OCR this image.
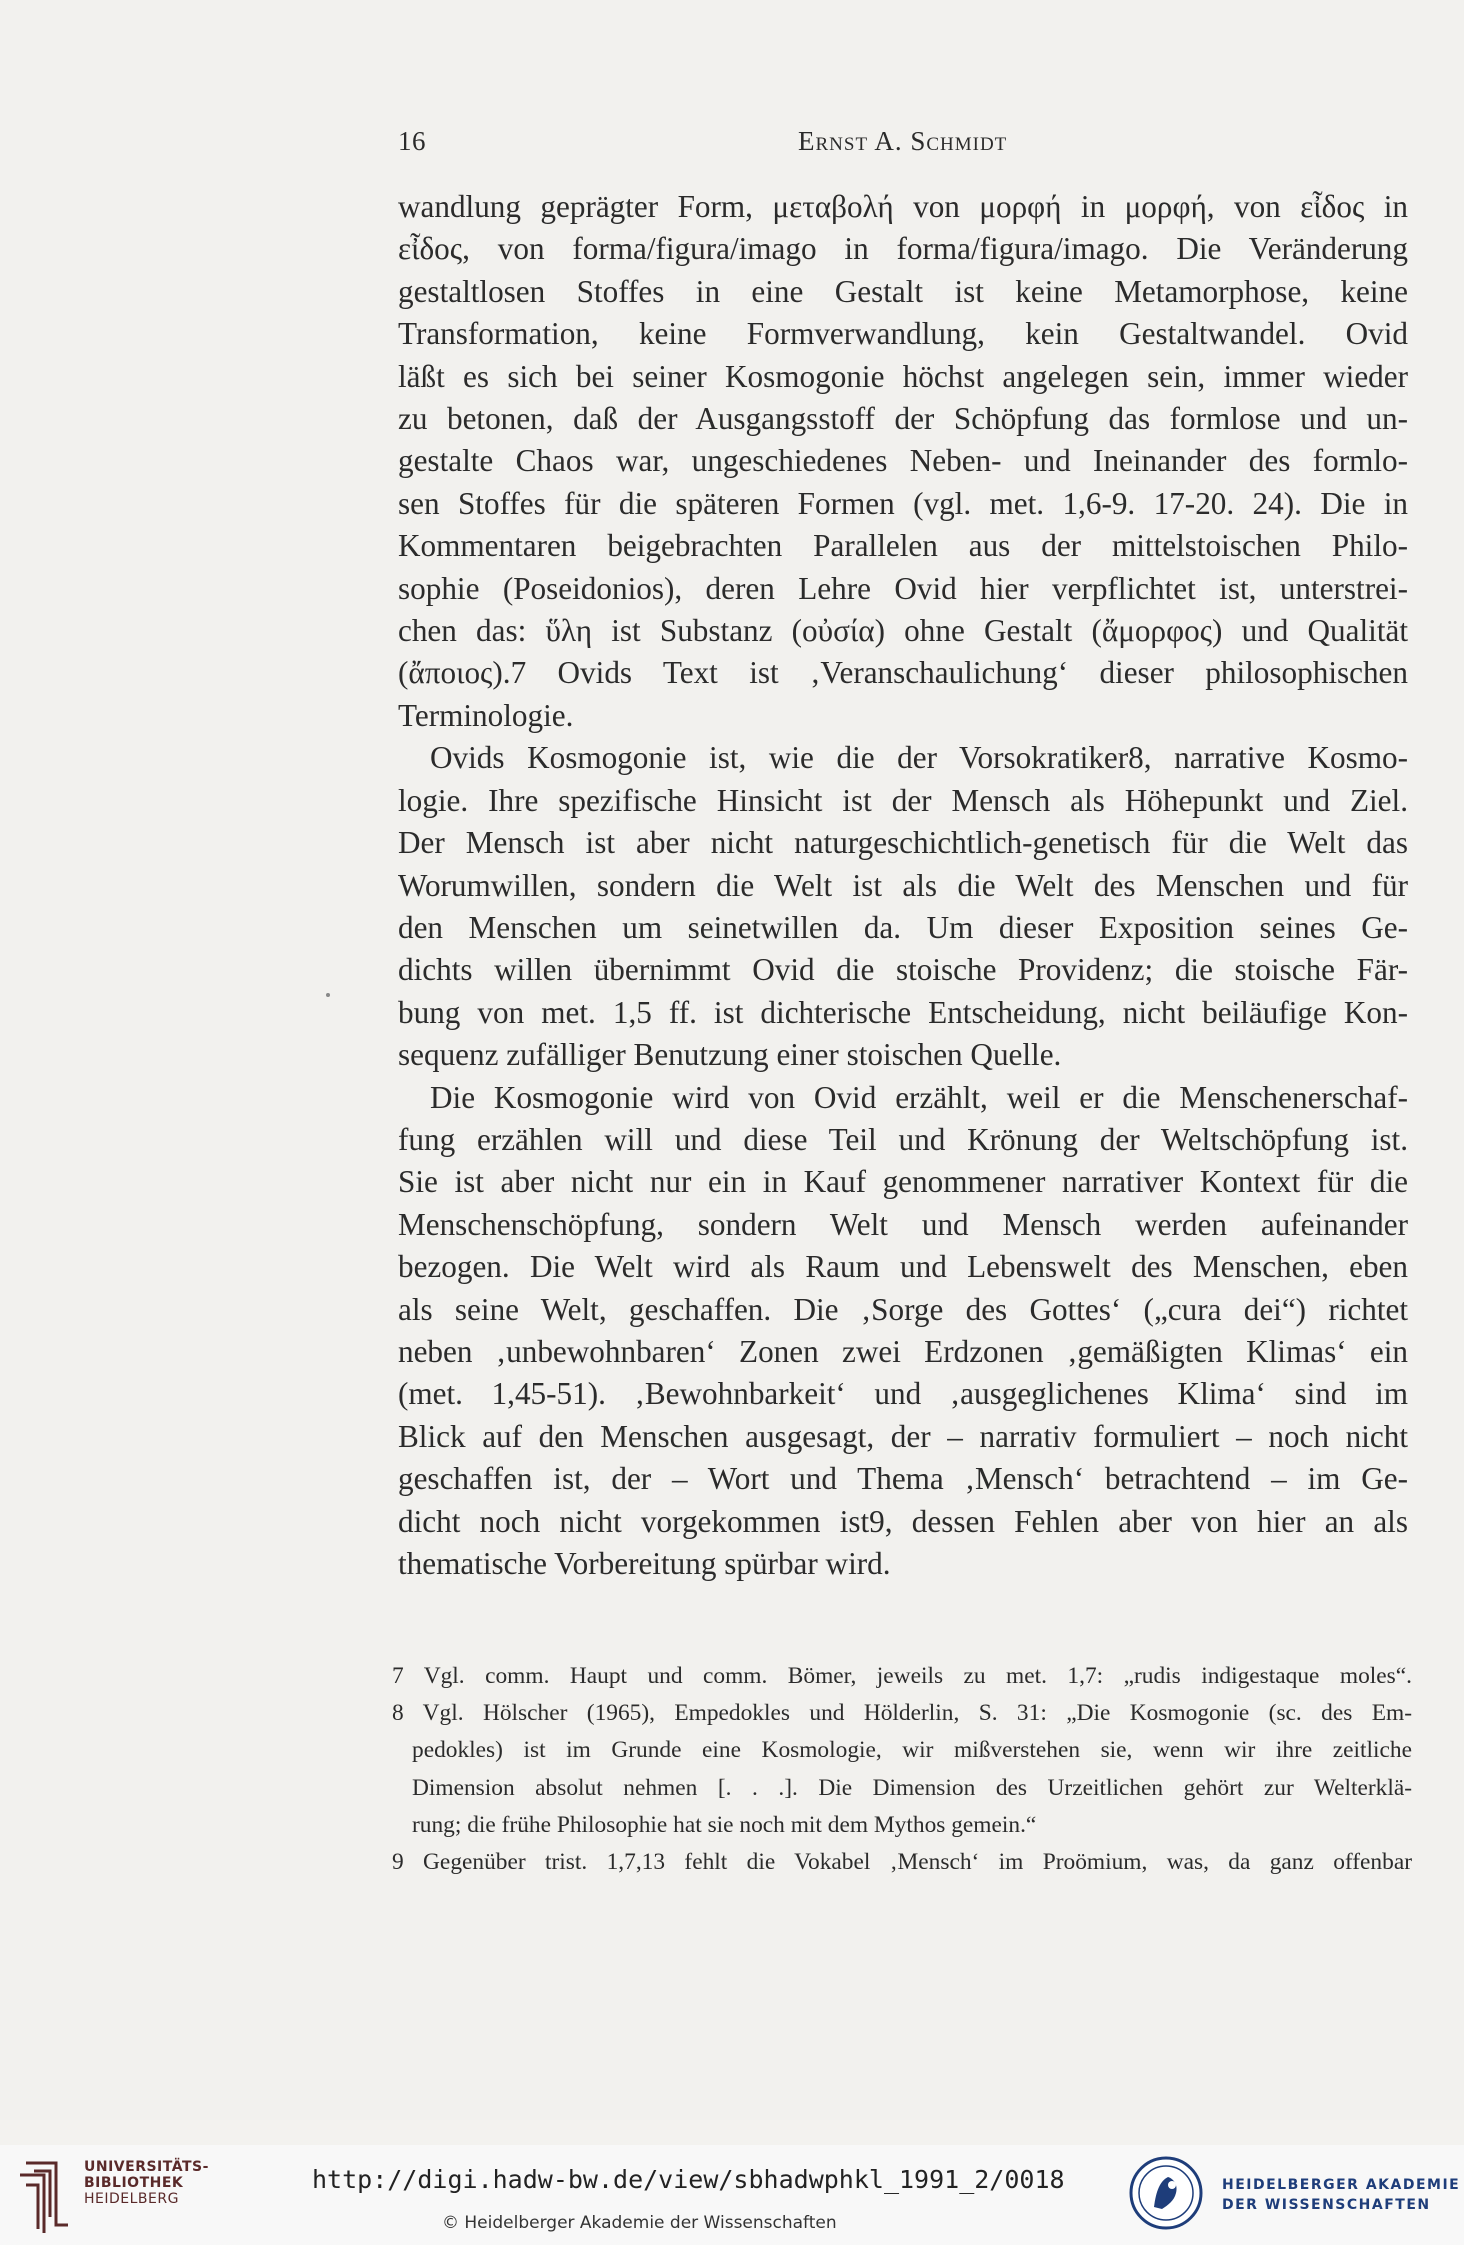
16	Ernst A. Schmidt

wandlung geprägter Form, μεταβολή von μορφή in μορφή, von εἶδος in
εἶδος, von forma/figura/imago in forma/figura/imago. Die Veränderung
gestaltlosen Stoffes in eine Gestalt ist keine Metamorphose, keine
Transformation, keine Formverwandlung, kein Gestaltwandel. Ovid
läßt es sich bei seiner Kosmogonie höchst angelegen sein, immer wieder
zu betonen, daß der Ausgangsstoff der Schöpfung das formlose und un-
gestalte Chaos war, ungeschiedenes Neben- und Ineinander des formlo-
sen Stoffes für die späteren Formen (vgl. met. 1,6-9. 17-20. 24). Die in
Kommentaren beigebrachten Parallelen aus der mittelstoischen Philo-
sophie (Poseidonios), deren Lehre Ovid hier verpflichtet ist, unterstrei-
chen das: ὕλη ist Substanz (οὐσία) ohne Gestalt (ἄμορφος) und Qualität
(ἄποιος).7 Ovids Text ist ‚Veranschaulichung‘ dieser philosophischen
Terminologie.

Ovids Kosmogonie ist, wie die der Vorsokratiker8, narrative Kosmo-
logie. Ihre spezifische Hinsicht ist der Mensch als Höhepunkt und Ziel.
Der Mensch ist aber nicht naturgeschichtlich-genetisch für die Welt das
Worumwillen, sondern die Welt ist als die Welt des Menschen und für
den Menschen um seinetwillen da. Um dieser Exposition seines Ge-
dichts willen übernimmt Ovid die stoische Providenz; die stoische Fär-
bung von met. 1,5 ff. ist dichterische Entscheidung, nicht beiläufige Kon-
sequenz zufälliger Benutzung einer stoischen Quelle.

Die Kosmogonie wird von Ovid erzählt, weil er die Menschenerschaf-
fung erzählen will und diese Teil und Krönung der Weltschöpfung ist.
Sie ist aber nicht nur ein in Kauf genommener narrativer Kontext für die
Menschenschöpfung, sondern Welt und Mensch werden aufeinander
bezogen. Die Welt wird als Raum und Lebenswelt des Menschen, eben
als seine Welt, geschaffen. Die ‚Sorge des Gottes‘ („cura dei“) richtet
neben ‚unbewohnbaren‘ Zonen zwei Erdzonen ‚gemäßigten Klimas‘ ein
(met. 1,45-51). ‚Bewohnbarkeit‘ und ‚ausgeglichenes Klima‘ sind im
Blick auf den Menschen ausgesagt, der – narrativ formuliert – noch nicht
geschaffen ist, der – Wort und Thema ‚Mensch‘ betrachtend – im Ge-
dicht noch nicht vorgekommen ist9, dessen Fehlen aber von hier an als
thematische Vorbereitung spürbar wird.

7 Vgl. comm. Haupt und comm. Bömer, jeweils zu met. 1,7: „rudis indigestaque moles“.
8 Vgl. Hölscher (1965), Empedokles und Hölderlin, S. 31: „Die Kosmogonie (sc. des Em-
pedokles) ist im Grunde eine Kosmologie, wir mißverstehen sie, wenn wir ihre zeitliche
Dimension absolut nehmen [. . .]. Die Dimension des Urzeitlichen gehört zur Welterklä-
rung; die frühe Philosophie hat sie noch mit dem Mythos gemein.“
9 Gegenüber trist. 1,7,13 fehlt die Vokabel ‚Mensch‘ im Proömium, was, da ganz offenbar
UNIVERSITÄTS-
BIBLIOTHEK
HEIDELBERG
http://digi.hadw-bw.de/view/sbhadwphkl_1991_2/0018
© Heidelberger Akademie der Wissenschaften
HEIDELBERGER AKADEMIE
DER WISSENSCHAFTEN
